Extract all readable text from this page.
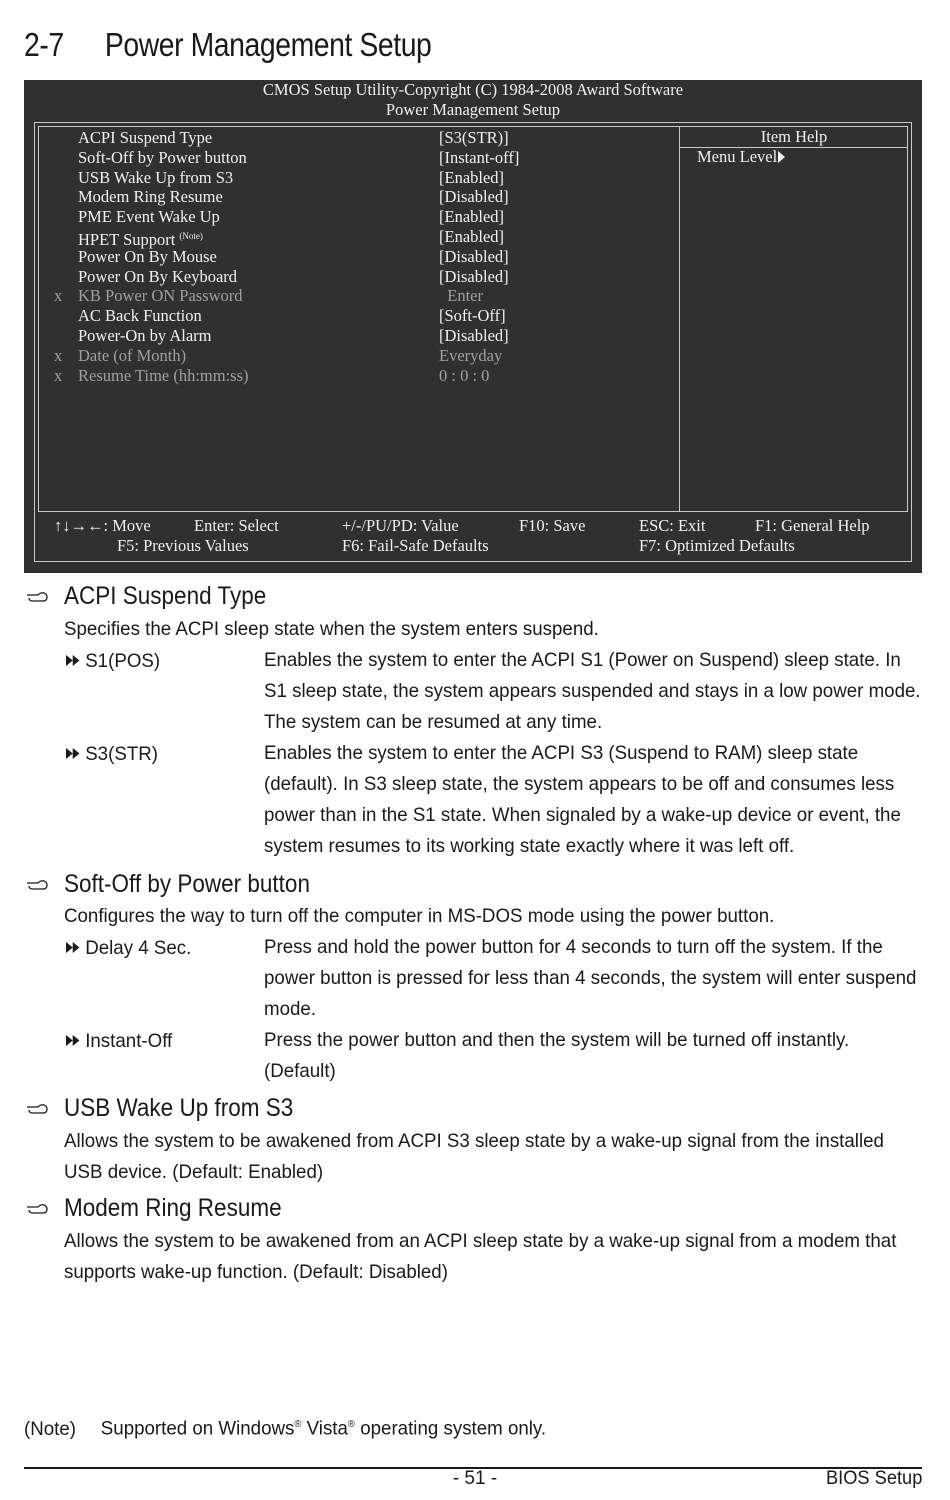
2-7 Power Management Setup
CMOS Setup Utility-Copyright (C) 1984-2008 Award Software
Power Management Setup
Item Help
Menu Level
ACPI Suspend Type	[S3(STR)]
Soft-Off by Power button	[Instant-off]
USB Wake Up from S3	[Enabled]
Modem Ring Resume	[Disabled]
PME Event Wake Up	[Enabled]
HPET Support $^{(Note)}$	[Enabled]
Power On By Mouse	[Disabled]
Power On By Keyboard	[Disabled]
x KB Power ON Password	Enter
AC Back Function	[Soft-Off]
Power-On by Alarm	[Disabled]
x Date (of Month)	Everyday
x Resume Time (hh:mm:ss)	0 : 0 : 0
↑↓→←: Move	Enter: Select	+/-/PU/PD: Value	F10: Save	ESC: Exit	F1: General Help
F5: Previous Values	F6: Fail-Safe Defaults	F7: Optimized Defaults
ACPI Suspend Type
Specifies the ACPI sleep state when the system enters suspend.
S1(POS)	Enables the system to enter the ACPI S1 (Power on Suspend) sleep state. In S1 sleep state, the system appears suspended and stays in a low power mode. The system can be resumed at any time.
S3(STR)	Enables the system to enter the ACPI S3 (Suspend to RAM) sleep state (default). In S3 sleep state, the system appears to be off and consumes less power than in the S1 state. When signaled by a wake-up device or event, the system resumes to its working state exactly where it was left off.
Soft-Off by Power button
Configures the way to turn off the computer in MS-DOS mode using the power button.
Delay 4 Sec.	Press and hold the power button for 4 seconds to turn off the system. If the power button is pressed for less than 4 seconds, the system will enter suspend mode.
Instant-Off	Press the power button and then the system will be turned off instantly. (Default)
USB Wake Up from S3
Allows the system to be awakened from ACPI S3 sleep state by a wake-up signal from the installed USB device. (Default: Enabled)
Modem Ring Resume
Allows the system to be awakened from an ACPI sleep state by a wake-up signal from a modem that supports wake-up function. (Default: Disabled)
(Note) Supported on Windows® Vista® operating system only.
- 51 -	BIOS Setup
